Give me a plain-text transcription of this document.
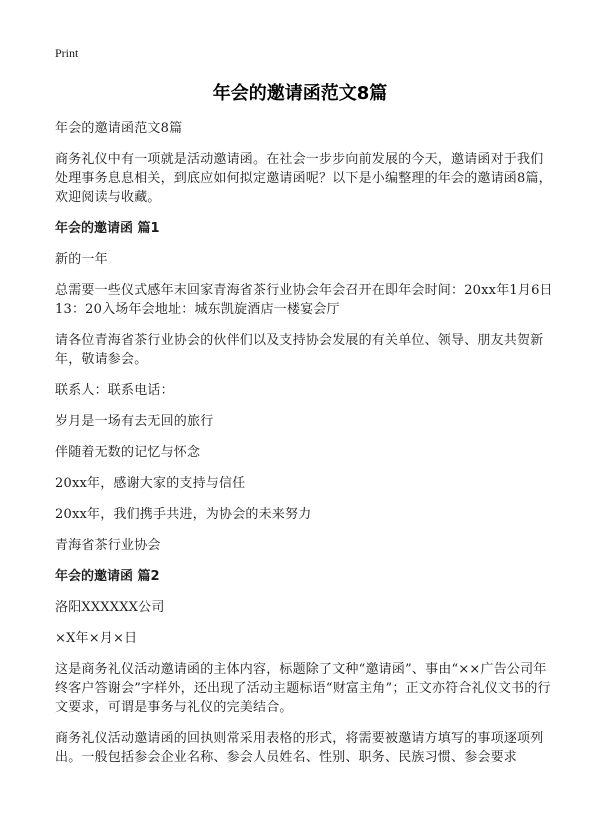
Print
年会的邀请函范文8篇

年会的邀请函范文8篇

商务礼仪中有一项就是活动邀请函。在社会一步步向前发展的今天，邀请函对于我们处理事务息息相关，到底应如何拟定邀请函呢？以下是小编整理的年会的邀请函8篇，欢迎阅读与收藏。

年会的邀请函 篇1

新的一年

总需要一些仪式感年末回家青海省茶行业协会年会召开在即年会时间：20xx年1月6日13：20入场年会地址：城东凯旋酒店一楼宴会厅

请各位青海省茶行业协会的伙伴们以及支持协会发展的有关单位、领导、朋友共贺新年，敬请参会。

联系人：联系电话：

岁月是一场有去无回的旅行

伴随着无数的记忆与怀念

20xx年，感谢大家的支持与信任

20xx年，我们携手共进，为协会的未来努力

青海省茶行业协会

年会的邀请函 篇2

洛阳XXXXXX公司

×X年×月×日

这是商务礼仪活动邀请函的主体内容，标题除了文种“邀请函”、事由“××广告公司年终客户答谢会”字样外，还出现了活动主题标语“财富主角”；正文亦符合礼仪文书的行文要求，可谓是事务与礼仪的完美结合。

商务礼仪活动邀请函的回执则常采用表格的形式，将需要被邀请方填写的事项逐项列出。一般包括参会企业名称、参会人员姓名、性别、职务、民族习惯、参会要求
